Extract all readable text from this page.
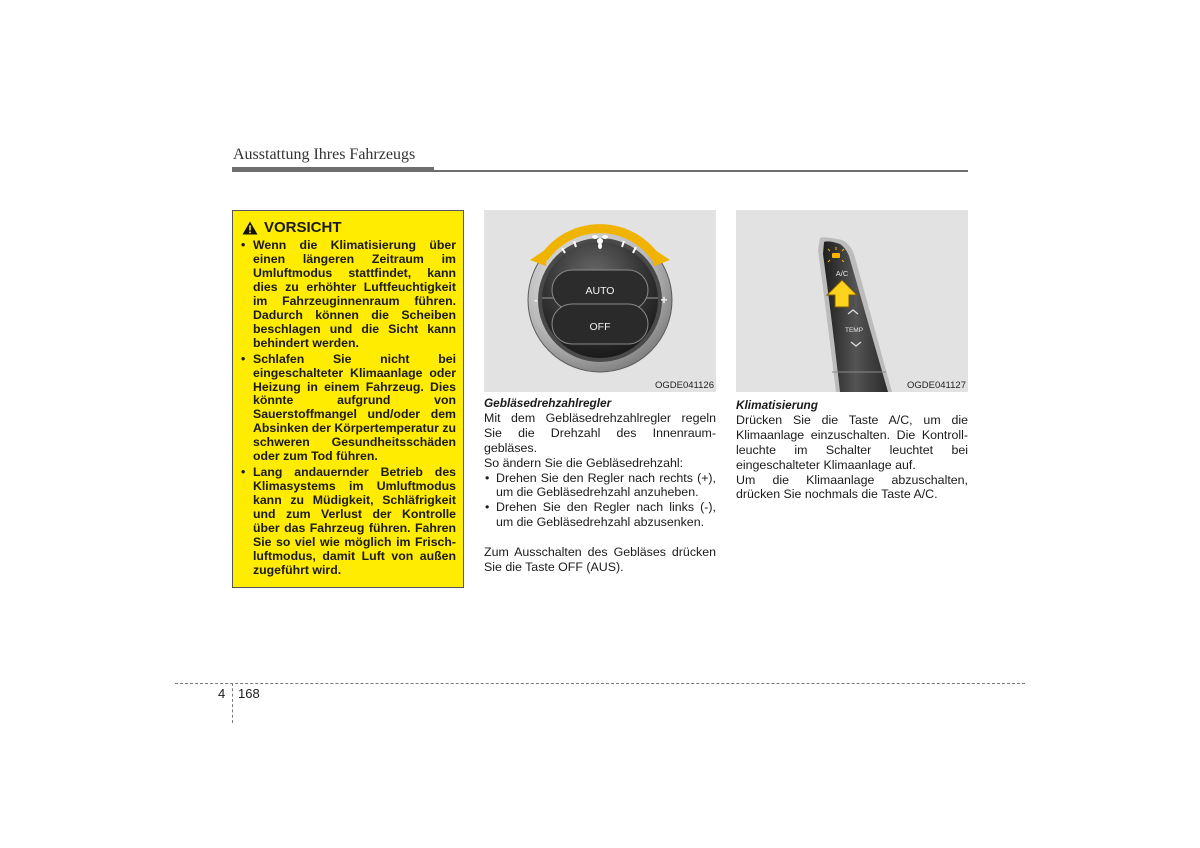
Ausstattung Ihres Fahrzeugs
VORSICHT
• Wenn die Klimatisierung über einen längeren Zeitraum im Umluftmodus stattfindet, kann dies zu erhöhter Luftfeuchtigkeit im Fahrzeuginnenraum führen. Dadurch können die Scheiben beschlagen und die Sicht kann behindert werden.
• Schlafen Sie nicht bei eingeschalteter Klimaanlage oder Heizung in einem Fahrzeug. Dies könnte aufgrund von Sauerstoffmangel und/oder dem Absinken der Körpertemperatur zu schweren Gesundheitsschäden oder zum Tod führen.
• Lang andauernder Betrieb des Klimasystems im Umluftmodus kann zu Müdigkeit, Schläfrigkeit und zum Verlust der Kontrolle über das Fahrzeug führen. Fahren Sie so viel wie möglich im Frisch-luftmodus, damit Luft von außen zugeführt wird.
AUTO
OFF
-	+
OGDE041126
A/C
TEMP
OGDE041127
Gebläsedrehzahlregler

Mit dem Gebläsedrehzahlregler regeln Sie die Drehzahl des Innenraum-gebläses.

So ändern Sie die Gebläsedrehzahl:

• Drehen Sie den Regler nach rechts (+), um die Gebläsedrehzahl anzuheben.
• Drehen Sie den Regler nach links (-), um die Gebläsedrehzahl abzusenken.

Zum Ausschalten des Gebläses drücken Sie die Taste OFF (AUS).

Klimatisierung

Drücken Sie die Taste A/C, um die Klimaanlage einzuschalten. Die Kontroll-leuchte im Schalter leuchtet bei eingeschalteter Klimaanlage auf.

Um die Klimaanlage abzuschalten, drücken Sie nochmals die Taste A/C.

4 168
